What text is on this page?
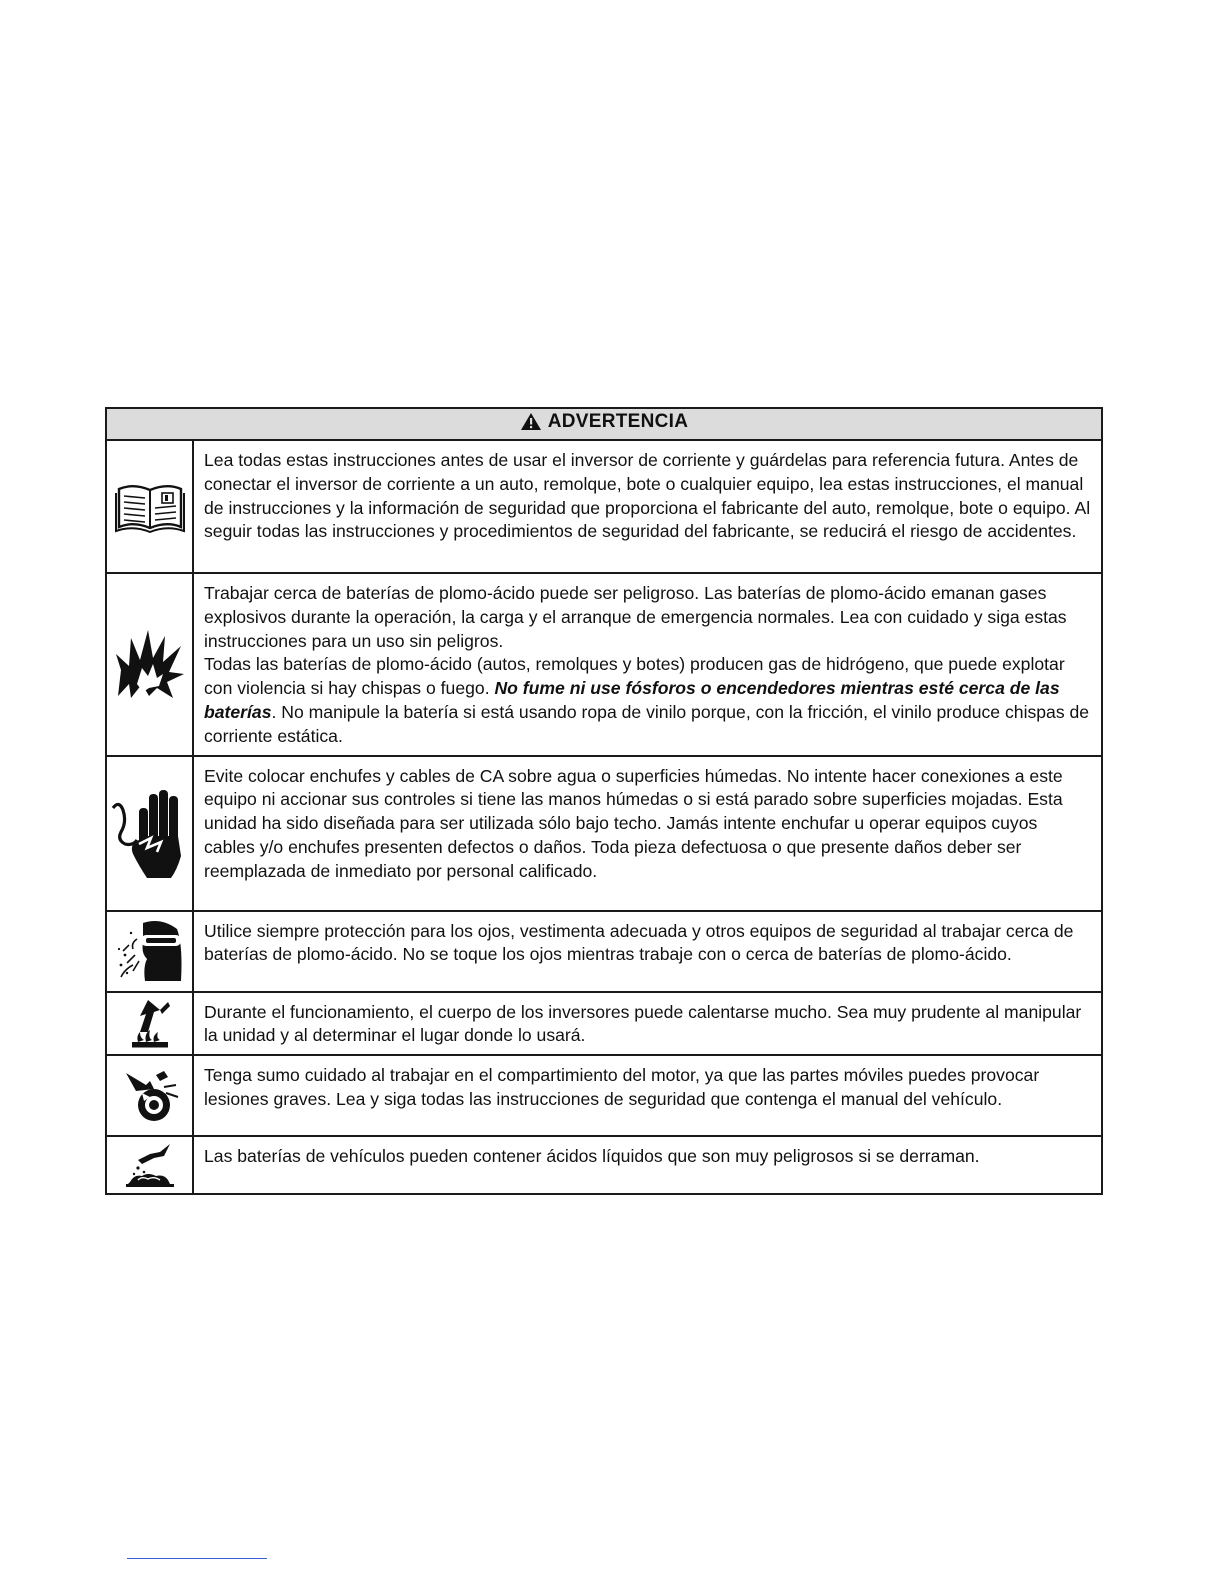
ADVERTENCIA	

Lea todas estas instrucciones antes de usar el inversor de corriente y guárdelas para referencia futura. Antes de conectar el inversor de corriente a un auto, remolque, bote o cualquier equipo, lea estas instrucciones, el manual de instrucciones y la información de seguridad que proporciona el fabricante del auto, remolque, bote o equipo. Al seguir todas las instrucciones y procedimientos de seguridad del fabricante, se reducirá el riesgo de accidentes.

Trabajar cerca de baterías de plomo-ácido puede ser peligroso. Las baterías de plomo-ácido emanan gases explosivos durante la operación, la carga y el arranque de emergencia normales. Lea con cuidado y siga estas instrucciones para un uso sin peligros.

Todas las baterías de plomo-ácido (autos, remolques y botes) producen gas de hidrógeno, que puede explotar con violencia si hay chispas o fuego. No fume ni use fósforos o encendedores mientras esté cerca de las baterías. No manipule la batería si está usando ropa de vinilo porque, con la fricción, el vinilo produce chispas de corriente estática.

Evite colocar enchufes y cables de CA sobre agua o superficies húmedas. No intente hacer conexiones a este equipo ni accionar sus controles si tiene las manos húmedas o si está parado sobre superficies mojadas. Esta unidad ha sido diseñada para ser utilizada sólo bajo techo. Jamás intente enchufar u operar equipos cuyos cables y/o enchufes presenten defectos o daños. Toda pieza defectuosa o que presente daños deber ser reemplazada de inmediato por personal calificado.

Utilice siempre protección para los ojos, vestimenta adecuada y otros equipos de seguridad al trabajar cerca de baterías de plomo-ácido. No se toque los ojos mientras trabaje con o cerca de baterías de plomo-ácido.

Durante el funcionamiento, el cuerpo de los inversores puede calentarse mucho. Sea muy prudente al manipular la unidad y al determinar el lugar donde lo usará.

Tenga sumo cuidado al trabajar en el compartimiento del motor, ya que las partes móviles puedes provocar lesiones graves. Lea y siga todas las instrucciones de seguridad que contenga el manual del vehículo.

Las baterías de vehículos pueden contener ácidos líquidos que son muy peligrosos si se derraman.
